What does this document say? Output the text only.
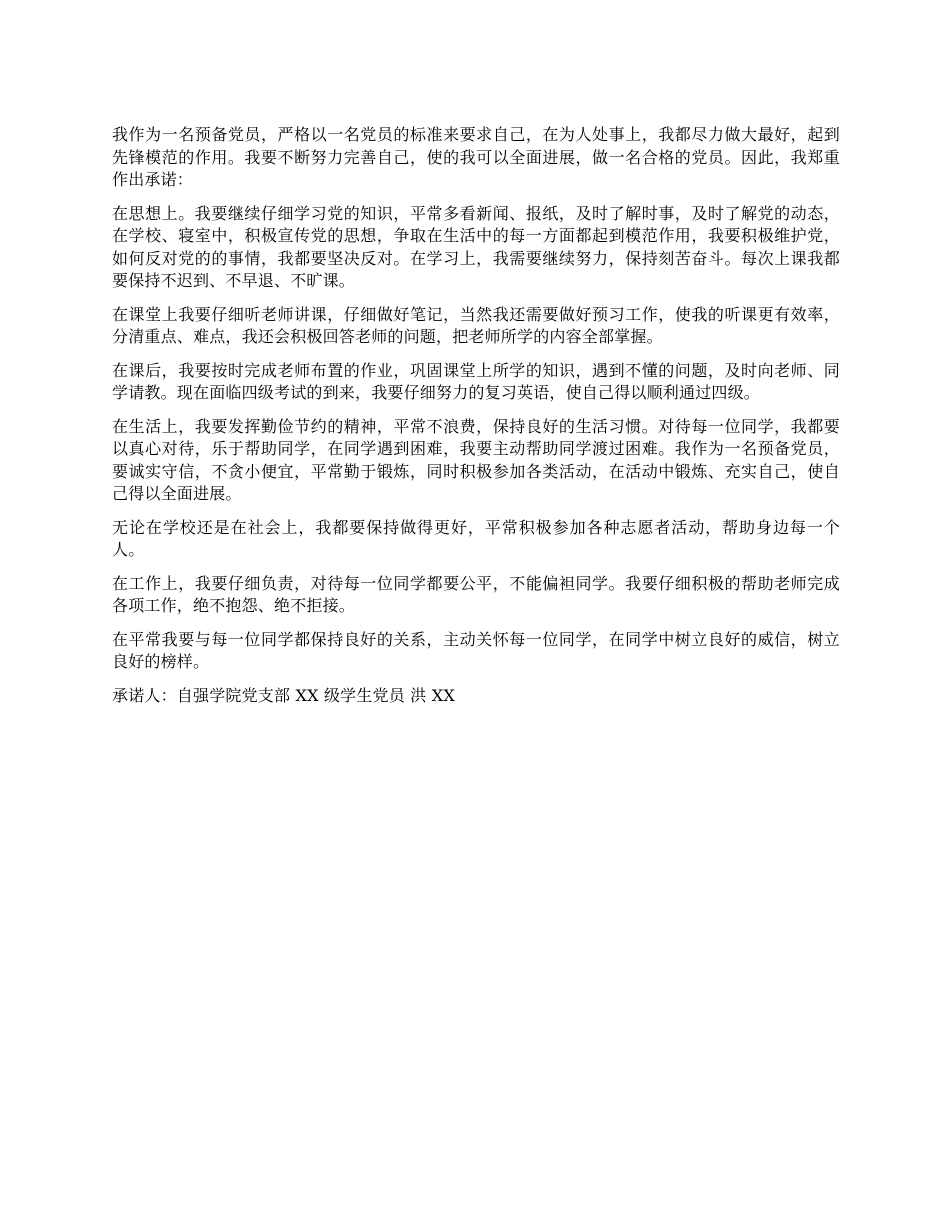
我作为一名预备党员，严格以一名党员的标准来要求自己，在为人处事上，我都尽力做大最好，起到先锋模范的作用。我要不断努力完善自己，使的我可以全面进展，做一名合格的党员。因此，我郑重作出承诺：

在思想上。我要继续仔细学习党的知识，平常多看新闻、报纸，及时了解时事，及时了解党的动态，在学校、寝室中，积极宣传党的思想，争取在生活中的每一方面都起到模范作用，我要积极维护党，如何反对党的的事情，我都要坚决反对。在学习上，我需要继续努力，保持刻苦奋斗。每次上课我都要保持不迟到、不早退、不旷课。

在课堂上我要仔细听老师讲课，仔细做好笔记，当然我还需要做好预习工作，使我的听课更有效率，分清重点、难点，我还会积极回答老师的问题，把老师所学的内容全部掌握。

在课后，我要按时完成老师布置的作业，巩固课堂上所学的知识，遇到不懂的问题，及时向老师、同学请教。现在面临四级考试的到来，我要仔细努力的复习英语，使自己得以顺利通过四级。

在生活上，我要发挥勤俭节约的精神，平常不浪费，保持良好的生活习惯。对待每一位同学，我都要以真心对待，乐于帮助同学，在同学遇到困难，我要主动帮助同学渡过困难。我作为一名预备党员，要诚实守信，不贪小便宜，平常勤于锻炼，同时积极参加各类活动，在活动中锻炼、充实自己，使自己得以全面进展。

无论在学校还是在社会上，我都要保持做得更好，平常积极参加各种志愿者活动，帮助身边每一个人。

在工作上，我要仔细负责，对待每一位同学都要公平，不能偏袒同学。我要仔细积极的帮助老师完成各项工作，绝不抱怨、绝不拒接。

在平常我要与每一位同学都保持良好的关系，主动关怀每一位同学，在同学中树立良好的威信，树立良好的榜样。

承诺人：自强学院党支部 XX 级学生党员 洪 XX
